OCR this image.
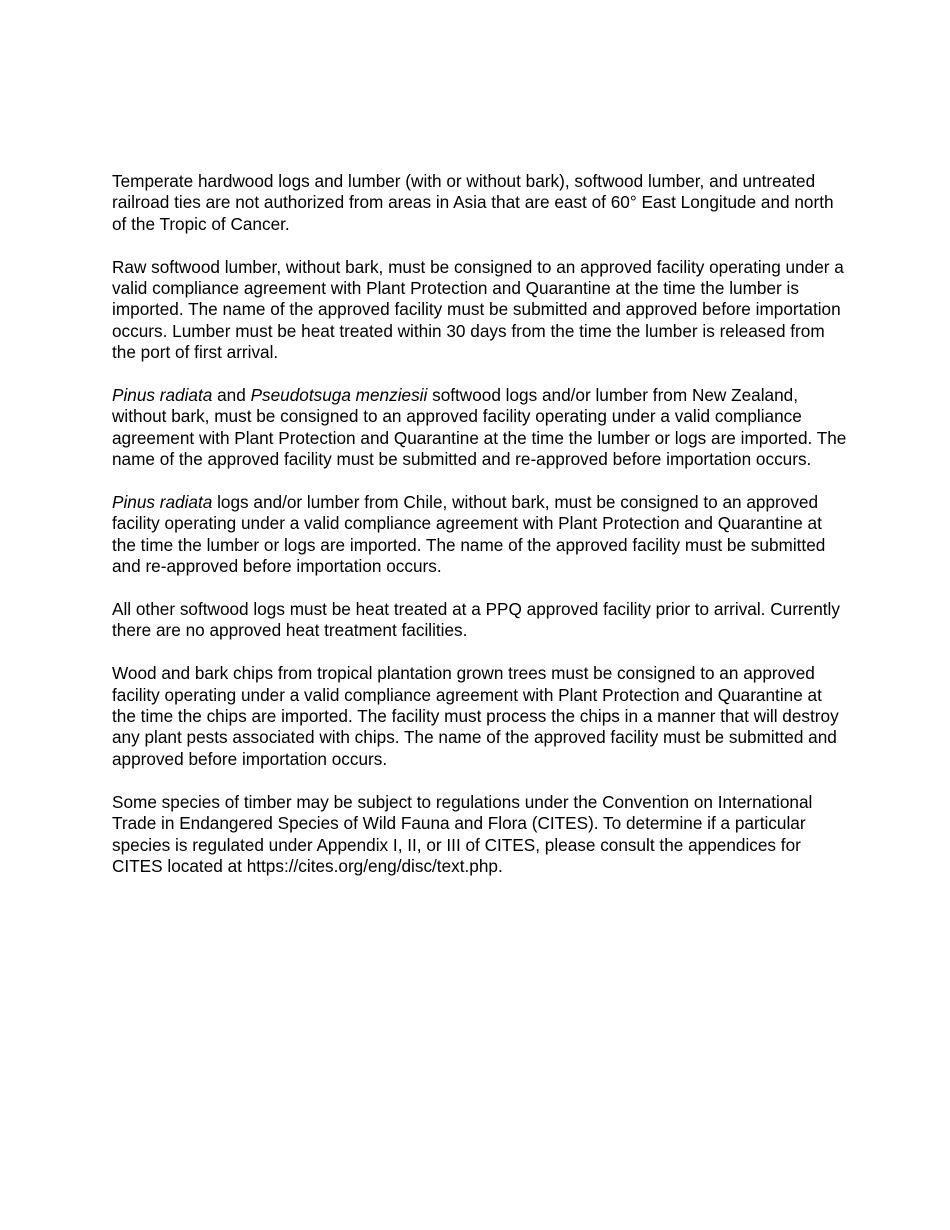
Temperate hardwood logs and lumber (with or without bark), softwood lumber, and untreated railroad ties are not authorized from areas in Asia that are east of 60° East Longitude and north of the Tropic of Cancer.

Raw softwood lumber, without bark, must be consigned to an approved facility operating under a valid compliance agreement with Plant Protection and Quarantine at the time the lumber is imported. The name of the approved facility must be submitted and approved before importation occurs. Lumber must be heat treated within 30 days from the time the lumber is released from the port of first arrival.

Pinus radiata and Pseudotsuga menziesii softwood logs and/or lumber from New Zealand, without bark, must be consigned to an approved facility operating under a valid compliance agreement with Plant Protection and Quarantine at the time the lumber or logs are imported. The name of the approved facility must be submitted and re-approved before importation occurs.

Pinus radiata logs and/or lumber from Chile, without bark, must be consigned to an approved facility operating under a valid compliance agreement with Plant Protection and Quarantine at the time the lumber or logs are imported. The name of the approved facility must be submitted and re-approved before importation occurs.

All other softwood logs must be heat treated at a PPQ approved facility prior to arrival. Currently there are no approved heat treatment facilities.

Wood and bark chips from tropical plantation grown trees must be consigned to an approved facility operating under a valid compliance agreement with Plant Protection and Quarantine at the time the chips are imported. The facility must process the chips in a manner that will destroy any plant pests associated with chips. The name of the approved facility must be submitted and approved before importation occurs.

Some species of timber may be subject to regulations under the Convention on International Trade in Endangered Species of Wild Fauna and Flora (CITES). To determine if a particular species is regulated under Appendix I, II, or III of CITES, please consult the appendices for CITES located at https://cites.org/eng/disc/text.php.
